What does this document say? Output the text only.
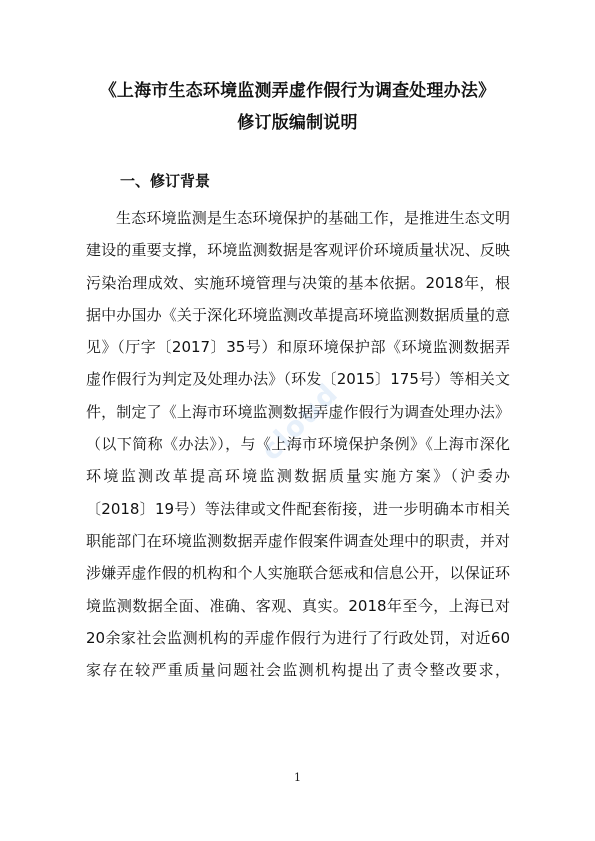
《上海市生态环境监测弄虚作假行为调查处理办法》
修订版编制说明
一、修订背景

生态环境监测是生态环境保护的基础工作，是推进生态文明建设的重要支撑，环境监测数据是客观评价环境质量状况、反映污染治理成效、实施环境管理与决策的基本依据。2018年，根据中办国办《关于深化环境监测改革提高环境监测数据质量的意见》（厅字〔2017〕35号）和原环境保护部《环境监测数据弄虚作假行为判定及处理办法》（环发〔2015〕175号）等相关文件，制定了《上海市环境监测数据弄虚作假行为调查处理办法》（以下简称《办法》），与《上海市环境保护条例》《上海市深化环境监测改革提高环境监测数据质量实施方案》（沪委办〔2018〕19号）等法律或文件配套衔接，进一步明确本市相关职能部门在环境监测数据弄虚作假案件调查处理中的职责，并对涉嫌弄虚作假的机构和个人实施联合惩戒和信息公开，以保证环境监测数据全面、准确、客观、真实。2018年至今，上海已对20余家社会监测机构的弄虚作假行为进行了行政处罚，对近60家存在较严重质量问题社会监测机构提出了责令整改要求，

cloud
1
